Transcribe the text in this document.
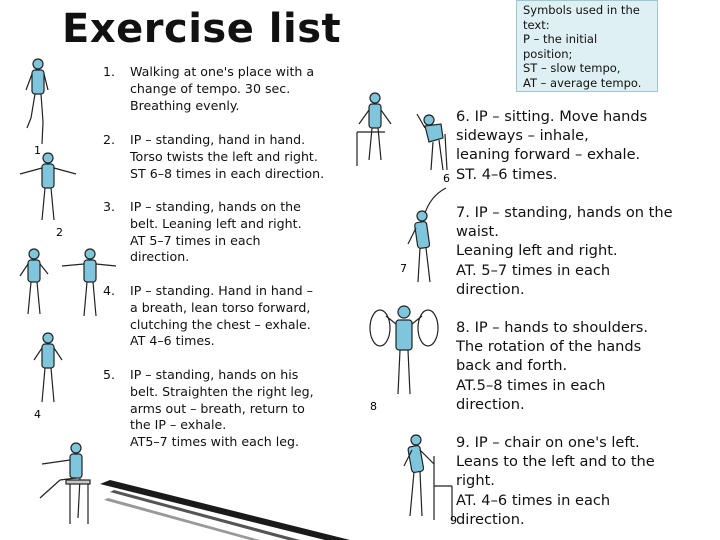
Exercise list	Symbols used in the
text:
P – the initial
position;
ST – slow tempo,
AT – average tempo.
1. Walking at one's place with a
change of tempo. 30 sec.
Breathing evenly.
2. IP – standing, hand in hand.
Torso twists the left and right.
ST 6–8 times in each direction.
3. IP – standing, hands on the
belt. Leaning left and right.
AT 5–7 times in each
direction.
4. IP – standing. Hand in hand –
a breath, lean torso forward,
clutching the chest – exhale.
AT 4–6 times.
5. IP – standing, hands on his
belt. Straighten the right leg,
arms out – breath, return to
the IP – exhale.
AT5–7 times with each leg.
6. IP – sitting. Move hands
sideways – inhale,
leaning forward – exhale.
ST. 4–6 times.
7. IP – standing, hands on the
waist.
Leaning left and right.
AT. 5–7 times in each
direction.
8. IP – hands to shoulders.
The rotation of the hands
back and forth.
AT.5–8 times in each
direction.
9. IP – chair on one's left.
Leans to the left and to the
right.
AT. 4–6 times in each
direction.
1
2
4
6
7
8
9
